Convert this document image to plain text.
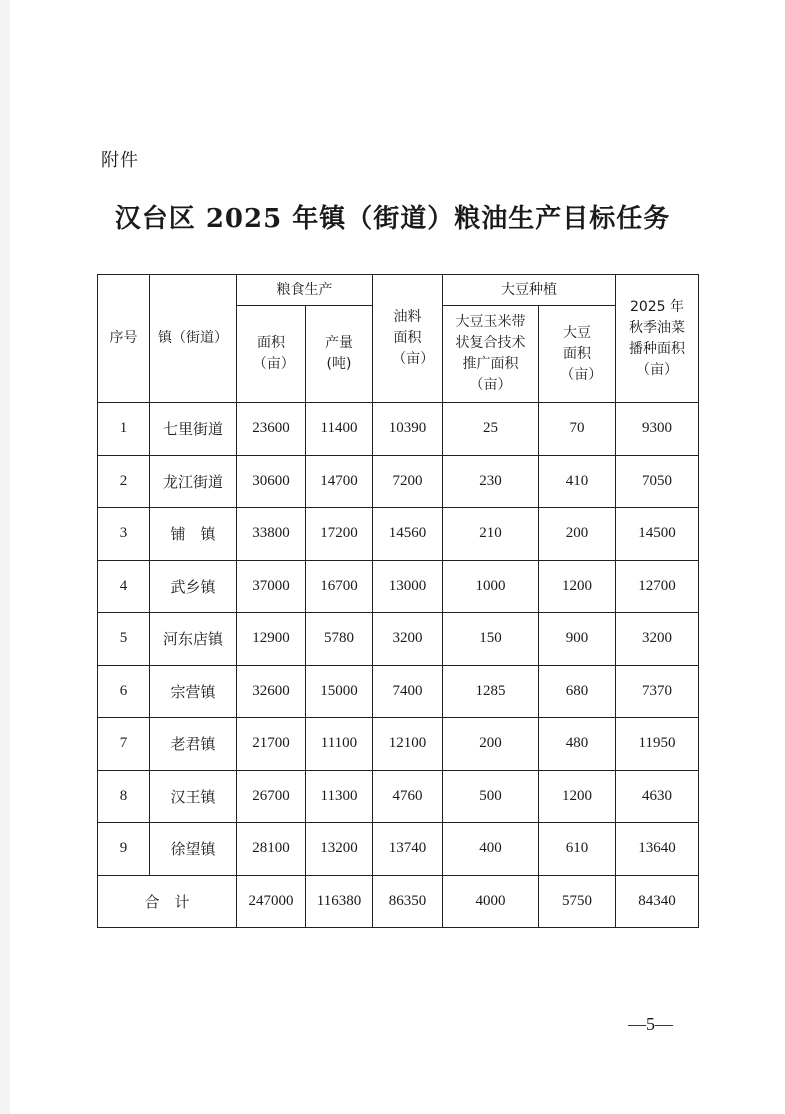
附件
汉台区 2025 年镇（街道）粮油生产目标任务
序号	镇（街道）	粮食生产		油料面积（亩）	大豆种植		2025 年秋季油菜播种面积（亩）

		面积（亩）	产量(吨)		大豆玉米带状复合技术推广面积（亩）	大豆面积（亩）	

1	七里街道	23600	11400	10390	25	70	9300
2	龙江街道	30600	14700	7200	230	410	7050
3	铺　镇	33800	17200	14560	210	200	14500
4	武乡镇	37000	16700	13000	1000	1200	12700
5	河东店镇	12900	5780	3200	150	900	3200
6	宗营镇	32600	15000	7400	1285	680	7370
7	老君镇	21700	11100	12100	200	480	11950
8	汉王镇	26700	11300	4760	500	1200	4630
9	徐望镇	28100	13200	13740	400	610	13640
合　计		247000	116380	86350	4000	5750	84340
—5—
